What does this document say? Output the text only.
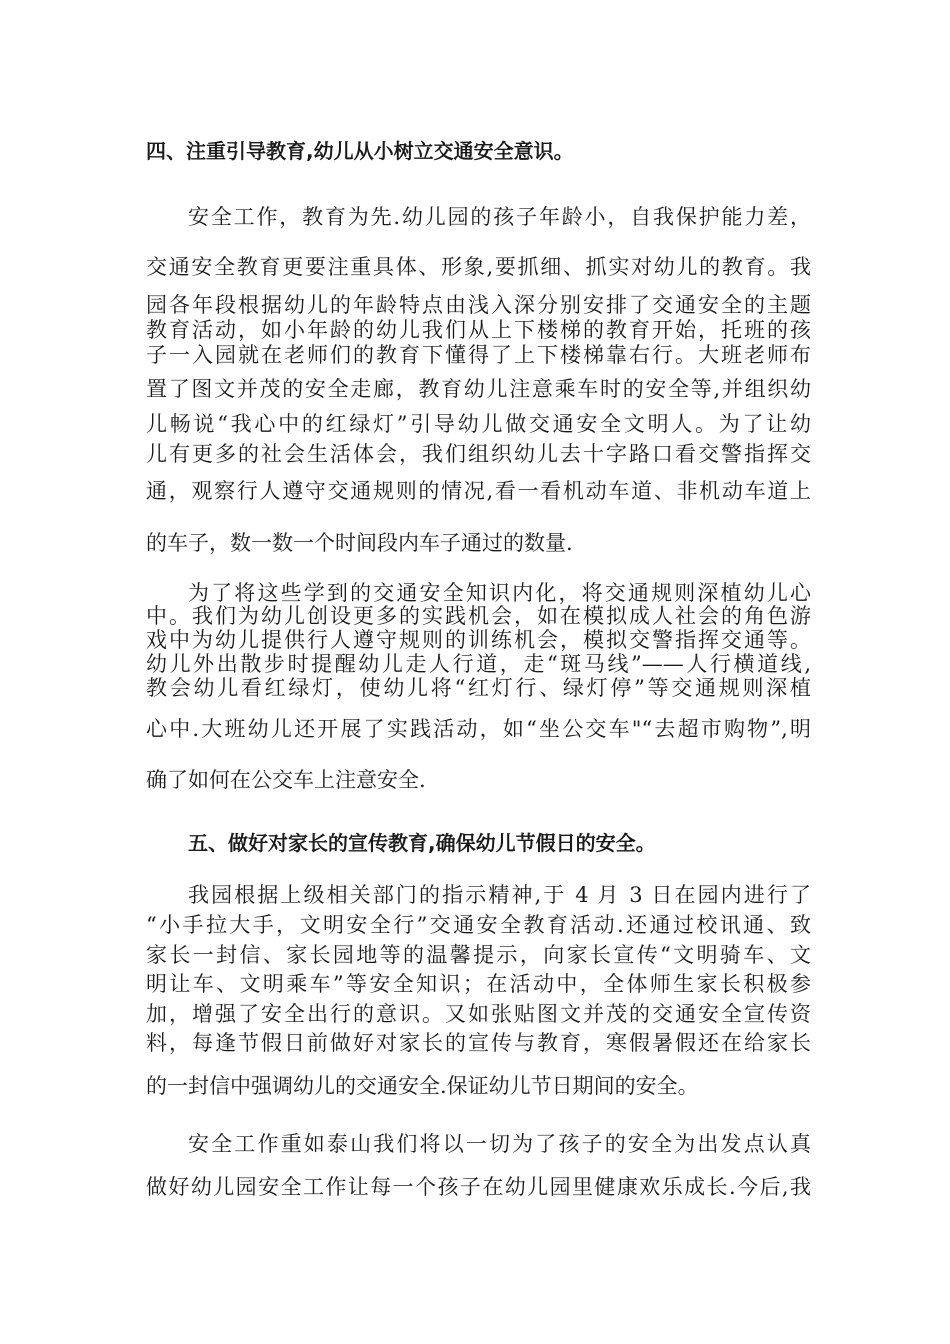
四、注重引导教育,幼儿从小树立交通安全意识。
安全工作，教育为先.幼儿园的孩子年龄小，自我保护能力差，
交通安全教育更要注重具体、形象,要抓细、抓实对幼儿的教育。我
园各年段根据幼儿的年龄特点由浅入深分别安排了交通安全的主题
教育活动，如小年龄的幼儿我们从上下楼梯的教育开始，托班的孩
子一入园就在老师们的教育下懂得了上下楼梯靠右行。大班老师布
置了图文并茂的安全走廊，教育幼儿注意乘车时的安全等,并组织幼
儿畅说“我心中的红绿灯”引导幼儿做交通安全文明人。为了让幼
儿有更多的社会生活体会，我们组织幼儿去十字路口看交警指挥交
通，观察行人遵守交通规则的情况,看一看机动车道、非机动车道上
的车子，数一数一个时间段内车子通过的数量.
为了将这些学到的交通安全知识内化，将交通规则深植幼儿心
中。我们为幼儿创设更多的实践机会，如在模拟成人社会的角色游
戏中为幼儿提供行人遵守规则的训练机会，模拟交警指挥交通等。
幼儿外出散步时提醒幼儿走人行道，走“斑马线”——人行横道线,
教会幼儿看红绿灯，使幼儿将“红灯行、绿灯停”等交通规则深植
心中.大班幼儿还开展了实践活动，如“坐公交车"“去超市购物”,明
确了如何在公交车上注意安全.
五、做好对家长的宣传教育,确保幼儿节假日的安全。
我园根据上级相关部门的指示精神,于 4 月 3 日在园内进行了
“小手拉大手，文明安全行”交通安全教育活动.还通过校讯通、致
家长一封信、家长园地等的温馨提示，向家长宣传“文明骑车、文
明让车、文明乘车”等安全知识；在活动中，全体师生家长积极参
加，增强了安全出行的意识。又如张贴图文并茂的交通安全宣传资
料，每逢节假日前做好对家长的宣传与教育，寒假暑假还在给家长
的一封信中强调幼儿的交通安全.保证幼儿节日期间的安全。
安全工作重如泰山我们将以一切为了孩子的安全为出发点认真
做好幼儿园安全工作让每一个孩子在幼儿园里健康欢乐成长.今后,我
